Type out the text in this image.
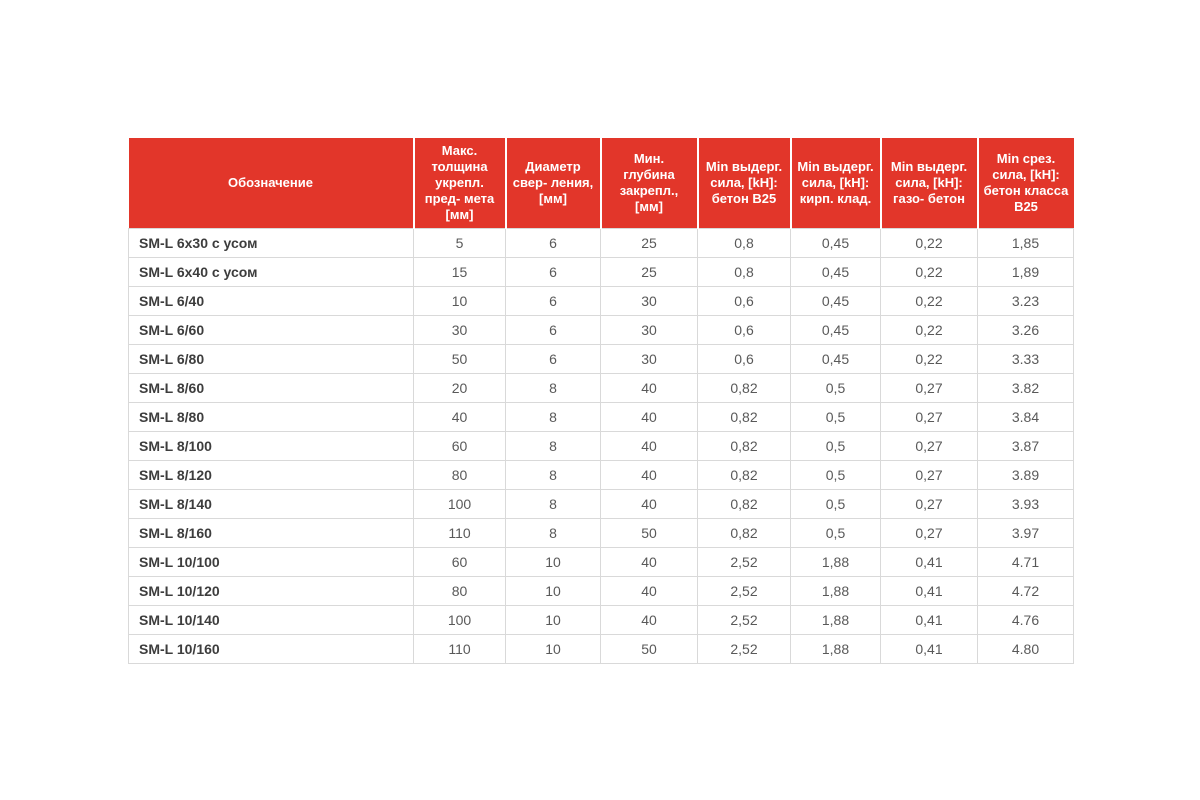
Обозначение	Макс. толщина укрепл. пред- мета [мм]	Диаметр свер- ления, [мм]	Мин. глубина закрепл., [мм]	Min выдерг. сила, [kH]: бетон B25	Min выдерг. сила, [kH]: кирп. клад.	Min выдерг. сила, [kH]: газо- бетон	Min срез. сила, [kH]: бетон класса B25
SM-L 6x30 с усом	5	6	25	0,8	0,45	0,22	1,85
SM-L 6x40 с усом	15	6	25	0,8	0,45	0,22	1,89
SM-L 6/40	10	6	30	0,6	0,45	0,22	3.23
SM-L 6/60	30	6	30	0,6	0,45	0,22	3.26
SM-L 6/80	50	6	30	0,6	0,45	0,22	3.33
SM-L 8/60	20	8	40	0,82	0,5	0,27	3.82
SM-L 8/80	40	8	40	0,82	0,5	0,27	3.84
SM-L 8/100	60	8	40	0,82	0,5	0,27	3.87
SM-L 8/120	80	8	40	0,82	0,5	0,27	3.89
SM-L 8/140	100	8	40	0,82	0,5	0,27	3.93
SM-L 8/160	110	8	50	0,82	0,5	0,27	3.97
SM-L 10/100	60	10	40	2,52	1,88	0,41	4.71
SM-L 10/120	80	10	40	2,52	1,88	0,41	4.72
SM-L 10/140	100	10	40	2,52	1,88	0,41	4.76
SM-L 10/160	110	10	50	2,52	1,88	0,41	4.80
